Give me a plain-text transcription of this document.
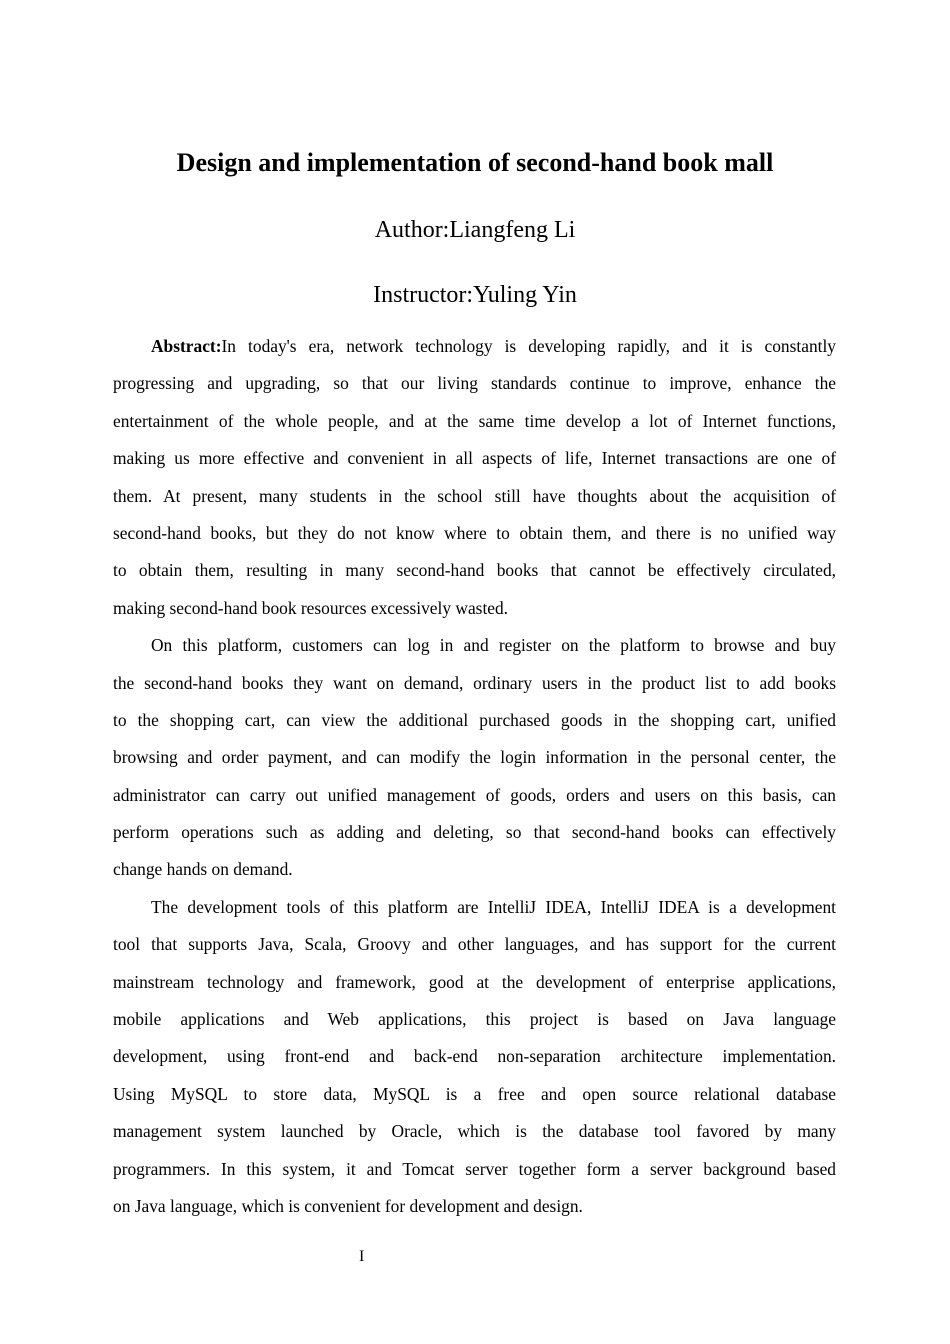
Design and implementation of second-hand book mall
Author:Liangfeng Li
Instructor:Yuling Yin
Abstract:In today's era, network technology is developing rapidly, and it is constantly
progressing and upgrading, so that our living standards continue to improve, enhance the
entertainment of the whole people, and at the same time develop a lot of Internet functions,
making us more effective and convenient in all aspects of life, Internet transactions are one of
them. At present, many students in the school still have thoughts about the acquisition of
second-hand books, but they do not know where to obtain them, and there is no unified way
to obtain them, resulting in many second-hand books that cannot be effectively circulated,
making second-hand book resources excessively wasted.
On this platform, customers can log in and register on the platform to browse and buy
the second-hand books they want on demand, ordinary users in the product list to add books
to the shopping cart, can view the additional purchased goods in the shopping cart, unified
browsing and order payment, and can modify the login information in the personal center, the
administrator can carry out unified management of goods, orders and users on this basis, can
perform operations such as adding and deleting, so that second-hand books can effectively
change hands on demand.
The development tools of this platform are IntelliJ IDEA, IntelliJ IDEA is a development
tool that supports Java, Scala, Groovy and other languages, and has support for the current
mainstream technology and framework, good at the development of enterprise applications,
mobile applications and Web applications, this project is based on Java language
development, using front-end and back-end non-separation architecture implementation.
Using MySQL to store data, MySQL is a free and open source relational database
management system launched by Oracle, which is the database tool favored by many
programmers. In this system, it and Tomcat server together form a server background based
on Java language, which is convenient for development and design.
I
